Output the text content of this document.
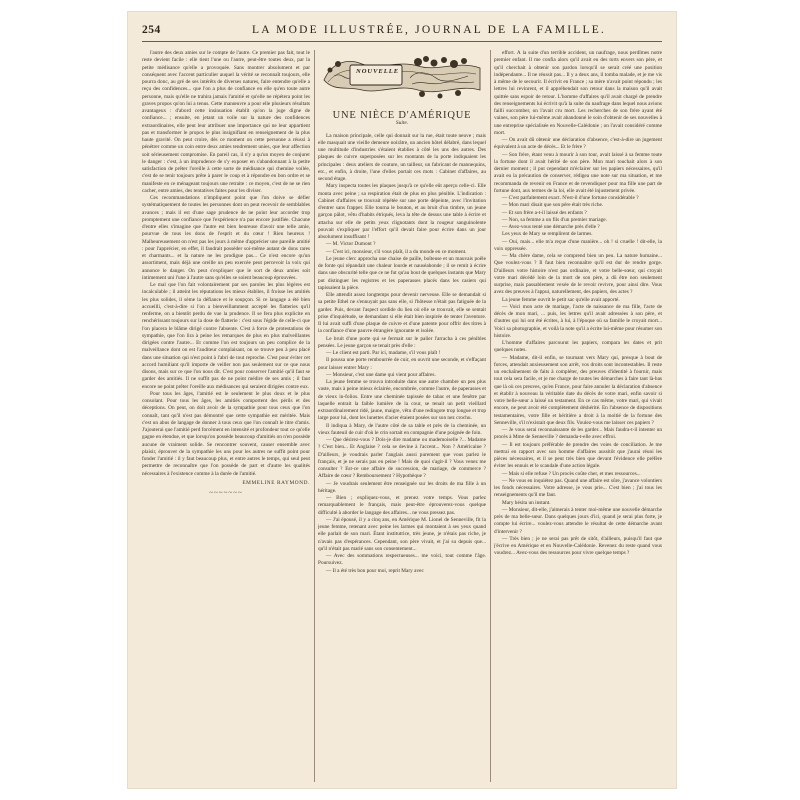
254	LA MODE ILLUSTRÉE, JOURNAL DE LA FAMILLE.

l'autre des deux amies sur le compte de l'autre. Ce premier pas fait, tout le reste devient facile : elle tient l'une ou l'autre, peut-être toutes deux, par la petite médisance qu'elle a provoquée. Sans montrer absolument et par conséquent avec l'accent particulier auquel la vérité se reconnaît toujours, elle pourra donc, au gré de ses intérêts de diverses natures, faire entendre qu'elle a reçu des confidences... que l'on a plus de confiance en elle qu'en toute autre personne, mais qu'elle ne trahira jamais l'amitié et qu'elle ne répétera point les graves propos qu'on lui a tenus. Cette manœuvre a pour elle plusieurs résultats avantageux : d'abord cette insinuation établit qu'on la juge digne de confiance... ; ensuite, en jetant un voile sur la nature des confidences extraordinaires, elle peut leur attribuer une importance qui ne leur appartient pas et transformer le propos le plus insignifiant en renseignement de la plus haute gravité. On peut croire, dès ce moment on cette personne a réussi à pénétrer comme un coin entre deux amies tendrement unies, que leur affection soit sérieusement compromise. En pareil cas, il n'y a qu'un moyen de conjurer le danger : c'est, à un imprudence de s'y exposer en s'abandonnant à la petite satisfaction de prêter l'oreille à cette sorte de médisance qui chemine voilée, c'est de se tenir toujours prête à parer le coup et à répondre en bon ordre et se manifeste en ce ménageant toujours une retraite : ce moyen, c'est de ne se rien cacher, entre amies, des tentatives faites pour les diviser.

Ces recommandations n'impliquent point que l'on doive se défier systématiquement de toutes les personnes dont on peut recevoir de semblables avances ; mais il est d'une sage prudence de ne point leur accorder trop promptement une confiance que l'expérience n'a pas encore justifiée. Chacune d'entre elles s'imagine que l'autre est bien heureuse d'avoir une telle amie, pourvue de tous les dons de l'esprit et du cœur ! Rien heureux ! Malheureusement on n'est pas les jours à même d'apprécier une pareille amitié : pour l'apprécier, en effet, il faudrait posséder soi-même autant de dons rares et charmants... et la nature ne les prodigue pas... Ce n'est encore qu'un assortiment, mais déjà une oreille un peu exercée peut percevoir la voix qui annonce le danger. On peut s'expliquer que le sort de deux amies soit intimement uni l'une à l'autre sans qu'elles se soient beaucoup éprouvées.

Le mal que l'on fait volontairement par ses paroles les plus légères est incalculable ; il atteint les réputations les mieux établies, il froisse les amitiés les plus solides, il sème la défiance et le soupçon. Si ce langage a été bien accueilli, c'est-à-dire si l'on a bienveillamment accepté les flatteries qu'il renferme, on a bientôt perdu de vue la prudence. Il se fera plus explicite en renchérissant toujours sur la dose de flatterie : c'est sous l'égide de celle-ci que l'on placera le blâme dirigé contre l'absente. C'est à force de protestations de sympathie, que l'on lira à peine les remarques de plus en plus malveillantes dirigées contre l'autre... Et comme l'on est toujours un peu complice de la malveillance dont on est l'auditeur complaisant, on se trouve peu à peu placé dans une situation qui n'est point à l'abri de tout reproche. C'est pour éviter cet accord humiliant qu'il importe de veiller non pas seulement sur ce que nous disons, mais sur ce que l'on nous dit. C'est pour conserver l'amitié qu'il faut se garder des amitiés. Il ne suffit pas de ne point médire de ses amis ; il faut encore ne point prêter l'oreille aux médisances qui seraient dirigées contre eux.

Pour tous les âges, l'amitié est le seulement le plus doux et le plus consolant. Pour tous les âges, les amitiés comportent des périls et des déceptions. On peut, on doit avoir de la sympathie pour tous ceux que l'on connaît, tant qu'il n'est pas démontré que cette sympathie est méritée. Mais c'est un abus de langage de donner à tous ceux que l'on connaît le titre d'amis. J'ajouterai que l'amitié perd forcément en intensité et profondeur tout ce qu'elle gagne en étendue, et que lorsqu'on possède beaucoup d'amitiés on n'en possède aucune de vraiment solide. Se rencontrer souvent, causer ensemble avec plaisir, éprouver de la sympathie les uns pour les autres ne suffit point pour fonder l'amitié : il y faut beaucoup plus, et entre autres le temps, qui seul peut permettre de reconnaître que l'on possède de part et d'autre les qualités nécessaires à l'existence comme à la durée de l'amitié.

EMMELINE RAYMOND.
~~~~~~~
NOUVELLE
UNE NIÈCE D'AMÉRIQUE
Suite.

La maison principale, celle qui donnait sur la rue, était toute neuve ; mais elle masquait une vieille demeure noirâtre, un ancien hôtel délabré, dans lequel une multitude d'industries s'étaient établies à côté les uns des autres. Des plaques de cuivre superposées sur les montants de la porte indiquaient les principales : deux ateliers de couture, un tailleur, un fabricant de mannequins, etc., et enfin, à droite, l'une d'elles portait ces mots : Cabinet d'affaires, au second étage.

Mary inspecta toutes les plaques jusqu'à ce qu'elle eût aperçu celle-ci. Elle monta avec peine ; sa respiration était de plus en plus pénible. L'indication : Cabinet d'affaires se trouvait répétée sur une porte dépeinte, avec l'invitation d'entrer sans frapper. Elle tourna le bouton, et au bruit d'un timbre, un jeune garçon pâlot, vêtu d'habits étriqués, leva la tête de dessus une table à écrire et attacha sur elle de petits yeux clignotants dont la rougeur sanguinolente pouvait s'expliquer par l'effort qu'il devait faire pour écrire dans un jour absolument insuffisant !

— M. Victor Dumont ?

— C'est ici, monsieur, s'il vous plaît, il a du monde en ce moment.

Le jeune clerc approcha une chaise de paille, boîteuse et un mauvais poêle de fonte qui répandait une chaleur lourde et nauséabonde ; il se remit à écrire dans une obscurité telle que ce ne fut qu'au bout de quelques instants que Mary put distinguer les registres et les paperasses placés dans les casiers qui tapissaient la pièce.

Elle attendit assez longtemps pour devenir nerveuse. Elle se demandait si sa petite Ethel ne s'ennuyait pas sans elle, si l'hôtesse n'était pas fatiguée de la garder. Puis, devant l'aspect sordide du lieu où elle se trouvait, elle se sentait prise d'inquiétude, se demandant si elle était bien inspirée de tenter l'aventure. Il lui avait suffi d'une plaque de cuivre et d'une patente pour offrir des titres à la confiance d'une pauvre étrangère ignorante et isolée.

Le bruit d'une porte qui se fermait sur le palier l'arracha à ces pénibles pensées. Le jeune garçon se tenait près d'elle :

— Le client est parti. Par ici, madame, s'il vous plaît !

Il poussa une porte rembourrée de cuir, en ouvrit une seconde, et s'effaçant pour laisser entrer Mary :

— Monsieur, c'est une dame qui vient pour affaires.

La jeune femme se trouva introduite dans une autre chambre un peu plus vaste, mais à peine mieux éclairée, encombrée, comme l'autre, de paperasses et de vieux in-folios. Entre une cheminée tapissée de tabac et une fenêtre par laquelle entrait la faible lumière de la cour, se tenait un petit vieillard extraordinairement ridé, jaune, maigre, vêtu d'une redingote trop longue et trop large pour lui, dont les lunettes d'acier étaient posées sur son nez crochu.

Il indiqua à Mary, de l'autre côté de sa table et près de la cheminée, un vieux fauteuil de cuir d'où le crin sortait en compagnie d'une poignée de foin.

— Que désirez-vous ? Dois-je dire madame ou mademoiselle ?... Madame ? C'est bien... Et Anglaise ? cela se devine à l'accent... Non ? Américaine ? D'ailleurs, je voudrais parler l'anglais aussi purement que vous parlez le français, et je ne serais pas en peine ! Mais de quoi s'agit-il ? Vous venez me consulter ? Est-ce une affaire de succession, de mariage, de commerce ? Affaire de cœur ? Remboursement ? Hypothèque ?

— Je voudrais seulement être renseignée sur les droits de ma fille à un héritage.

— Bien ; expliquez-vous, et prenez votre temps. Vous parlez remarquablement le français, mais peut-être éprouverez-vous quelque difficulté à aborder le langage des affaires... ne vous pressez pas.

— J'ai épousé, il y a cinq ans, en Amérique M. Lionel de Senneville, fit la jeune femme, retenant avec peine les larmes qui montaient à ses yeux quand elle parlait de son mari. Étant institutrice, très jeune, je n'étais pas riche, je n'avais pas d'espérances. Cependant, son père vivait, et j'ai su depuis que... qu'il n'était pas marié sans son consentement...

— Avec des sommations respectueuses... me voici, tout comme l'âge. Poursuivez.

— Il a été très bon pour moi, reprit Mary avec

effort. À la suite d'un terrible accident, un naufrage, nous perdîmes notre premier enfant. Il me confia alors qu'il avait eu des torts envers son père, et qu'il cherchait à obtenir son pardon lorsqu'il se serait créé une position indépendante... Il ne réussit pas... Il y a deux ans, il tomba malade, et je me vis à même de le secourir. Il écrivit en France ; sa mère n'avait point répondu ; les lettres lui revinrent, et il appréhendait son retour dans la maison qu'il avait quittée sans espoir de retour. L'homme d'affaires qu'il avait chargé de prendre des renseignements lui écrivit qu'à la suite du naufrage dans lequel nous avions failli succomber, on l'avait cru mort. Les recherches de son frère ayant été vaines, son père lui-même avait abandonné le soin d'obtenir de ses nouvelles à une entreprise spécialisée en Nouvelle-Calédonie ; on l'avait considéré comme mort.

— On avait dû obtenir une déclaration d'absence, c'est-à-dire un jugement équivalent à un acte de décès... Et le frère ?

— Son frère, étant venu à mourir à son tour, avait laissé à sa femme toute la fortune dont il avait hérité de son père. Mon mari touchait alors à son dernier moment ; il put cependant m'éclairer sur les papiers nécessaires, qu'il avait eu la précaution de conserver, rédigea une note sur ma situation, et me recommanda de revenir en France et de revendiquer pour ma fille une part de fortune dont, aux termes de la loi, elle avait été injustement privée.

— C'est parfaitement exact. N'est-il d'une fortune considérable ?

— Mon mari disait que son père était très riche.

— Et son frère a-t-il laissé des enfants ?

— Non, sa femme a un fils d'un premier mariage.

— Avez-vous tenté une démarche près d'elle ?

Les yeux de Mary se remplirent de larmes.

— Oui, mais... elle m'a reçue d'une manière... oh ! si cruelle ! dit-elle, la voix oppressée.

— Ma chère dame, cela se comprend bien un peu. La nature humaine... Que voulez-vous ? Il faut bien reconnaître qu'il est dur de rendre gorge. D'ailleurs votre histoire n'est pas ordinaire, et votre belle-sœur, qui croyait votre mari décédé loin de la mort de son père, a dû être non seulement surprise, mais passablement vexée de le revoir revivre, pour ainsi dire. Vous avez des preuves à l'appui, naturellement, des papiers, des actes ?

La jeune femme ouvrit le petit sac qu'elle avait apporté.

— Voici mon acte de mariage, l'acte de naissance de ma fille, l'acte de décès de mon mari, ... puis, les lettres qu'il avait adressées à son père, et d'autres qui lui ont été écrites, à lui, à l'époque où sa famille le croyait mort... Voici sa photographie, et voilà la note qu'il a écrite lui-même pour résumer son histoire.

L'homme d'affaires parcourut les papiers, compara les dates et prit quelques notes.

— Madame, dit-il enfin, se tournant vers Mary qui, presque à bout de forces, attendait anxieusement son arrêt, vos droits sont incontestables. Il reste un enchaînement de faits à compléter, des preuves d'identité à fournir, mais tout cela sera facile, et je me charge de toutes les démarches à faire tant là-bas que là où ces preuves, qu'en France, pour faire annuler la déclaration d'absence et établir à nouveau la véritable date du décès de votre mari, enfin savoir si votre belle-sœur a laissé un testament. En ce cas même, votre mari, qui vivait encore, ne peut avoir été complètement déshérité. En l'absence de dispositions testamentaires, votre fille et héritière a droit à la moitié de la fortune des Senneville, s'il n'existait que deux fils. Voulez-vous me laisser ces papiers ?

— Je vous serai reconnaissante de les garder... Mais faudra-t-il intenter un procès à Mme de Senneville ? demanda-t-elle avec effroi.

— Il est toujours préférable de prendre des voies de conciliation. Je me mettrai en rapport avec son homme d'affaires aussitôt que j'aurai réuni les pièces nécessaires, et il se peut très bien que devant l'évidence elle préfère éviter les ennuis et le scandale d'une action légale.

— Mais si elle refuse ? Un procès coûte cher, et mes ressources...

— Ne vous en inquiétez pas. Quand une affaire est sûre, j'avance volontiers les fonds nécessaires. Votre adresse, je vous prie... C'est bien ; j'ai tous les renseignements qu'il me faut.

Mary hésita un instant.

— Monsieur, dit-elle, j'aimerais à tenter moi-même une nouvelle démarche près de ma belle-sœur. Dans quelques jours d'ici, quand je serai plus forte, je compte lui écrire... voulez-vous attendre le résultat de cette démarche avant d'intervenir ?

— Très bien ; je ne serai pas prêt de sitôt, d'ailleurs, puisqu'il faut que j'écrive en Amérique et en Nouvelle-Calédonie. Revenez du reste quand vous voudrez... Avez-vous des ressources pour vivre quelque temps ?
